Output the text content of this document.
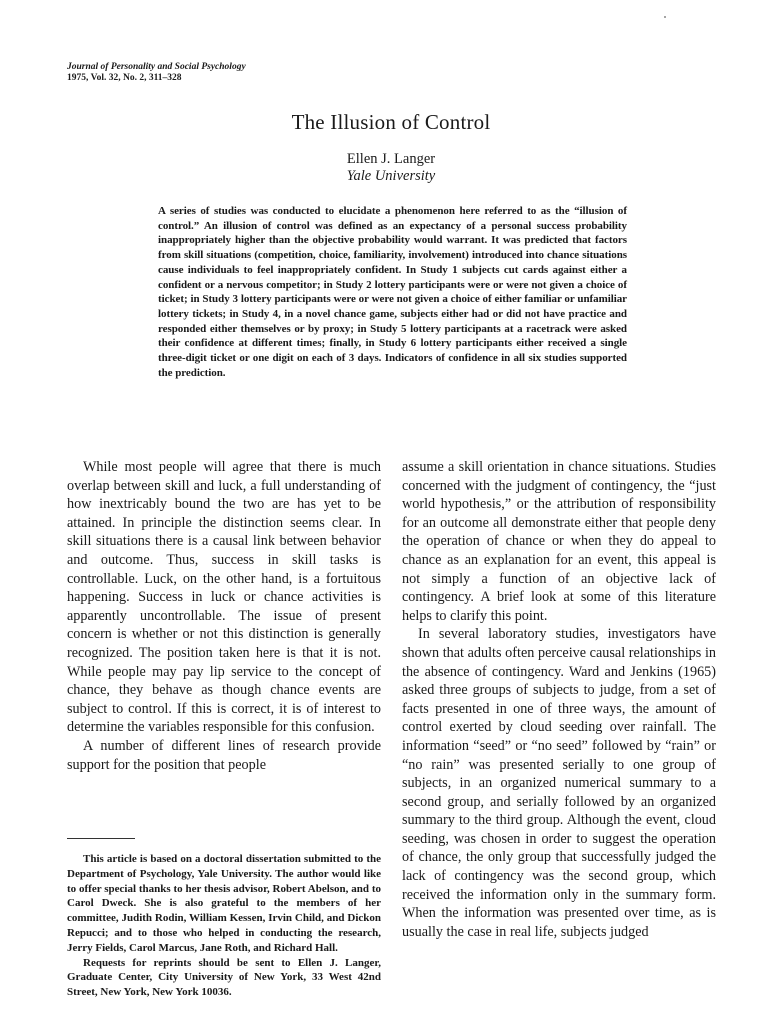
Journal of Personality and Social Psychology
1975, Vol. 32, No. 2, 311–328
The Illusion of Control
Ellen J. Langer
Yale University
A series of studies was conducted to elucidate a phenomenon here referred to as the “illusion of control.” An illusion of control was defined as an expectancy of a personal success probability inappropriately higher than the objective probability would warrant. It was predicted that factors from skill situations (competition, choice, familiarity, involvement) introduced into chance situations cause individuals to feel inappropriately confident. In Study 1 subjects cut cards against either a confident or a nervous competitor; in Study 2 lottery participants were or were not given a choice of ticket; in Study 3 lottery participants were or were not given a choice of either familiar or unfamiliar lottery tickets; in Study 4, in a novel chance game, subjects either had or did not have practice and responded either themselves or by proxy; in Study 5 lottery participants at a racetrack were asked their confidence at different times; finally, in Study 6 lottery participants either received a single three-digit ticket or one digit on each of 3 days. Indicators of confidence in all six studies supported the prediction.

While most people will agree that there is much overlap between skill and luck, a full understanding of how inextricably bound the two are has yet to be attained. In principle the distinction seems clear. In skill situations there is a causal link between behavior and outcome. Thus, success in skill tasks is controllable. Luck, on the other hand, is a fortuitous happening. Success in luck or chance activities is apparently uncontrollable. The issue of present concern is whether or not this distinction is generally recognized. The position taken here is that it is not. While people may pay lip service to the concept of chance, they behave as though chance events are subject to control. If this is correct, it is of interest to determine the variables responsible for this confusion.

A number of different lines of research provide support for the position that people

assume a skill orientation in chance situations. Studies concerned with the judgment of contingency, the “just world hypothesis,” or the attribution of responsibility for an outcome all demonstrate either that people deny the operation of chance or when they do appeal to chance as an explanation for an event, this appeal is not simply a function of an objective lack of contingency. A brief look at some of this literature helps to clarify this point.

In several laboratory studies, investigators have shown that adults often perceive causal relationships in the absence of contingency. Ward and Jenkins (1965) asked three groups of subjects to judge, from a set of facts presented in one of three ways, the amount of control exerted by cloud seeding over rainfall. The information “seed” or “no seed” followed by “rain” or “no rain” was presented serially to one group of subjects, in an organized numerical summary to a second group, and serially followed by an organized summary to the third group. Although the event, cloud seeding, was chosen in order to suggest the operation of chance, the only group that successfully judged the lack of contingency was the second group, which received the information only in the summary form. When the information was presented over time, as is usually the case in real life, subjects judged

This article is based on a doctoral dissertation submitted to the Department of Psychology, Yale University. The author would like to offer special thanks to her thesis advisor, Robert Abelson, and to Carol Dweck. She is also grateful to the members of her committee, Judith Rodin, William Kessen, Irvin Child, and Dickon Repucci; and to those who helped in conducting the research, Jerry Fields, Carol Marcus, Jane Roth, and Richard Hall.

Requests for reprints should be sent to Ellen J. Langer, Graduate Center, City University of New York, 33 West 42nd Street, New York, New York 10036.
